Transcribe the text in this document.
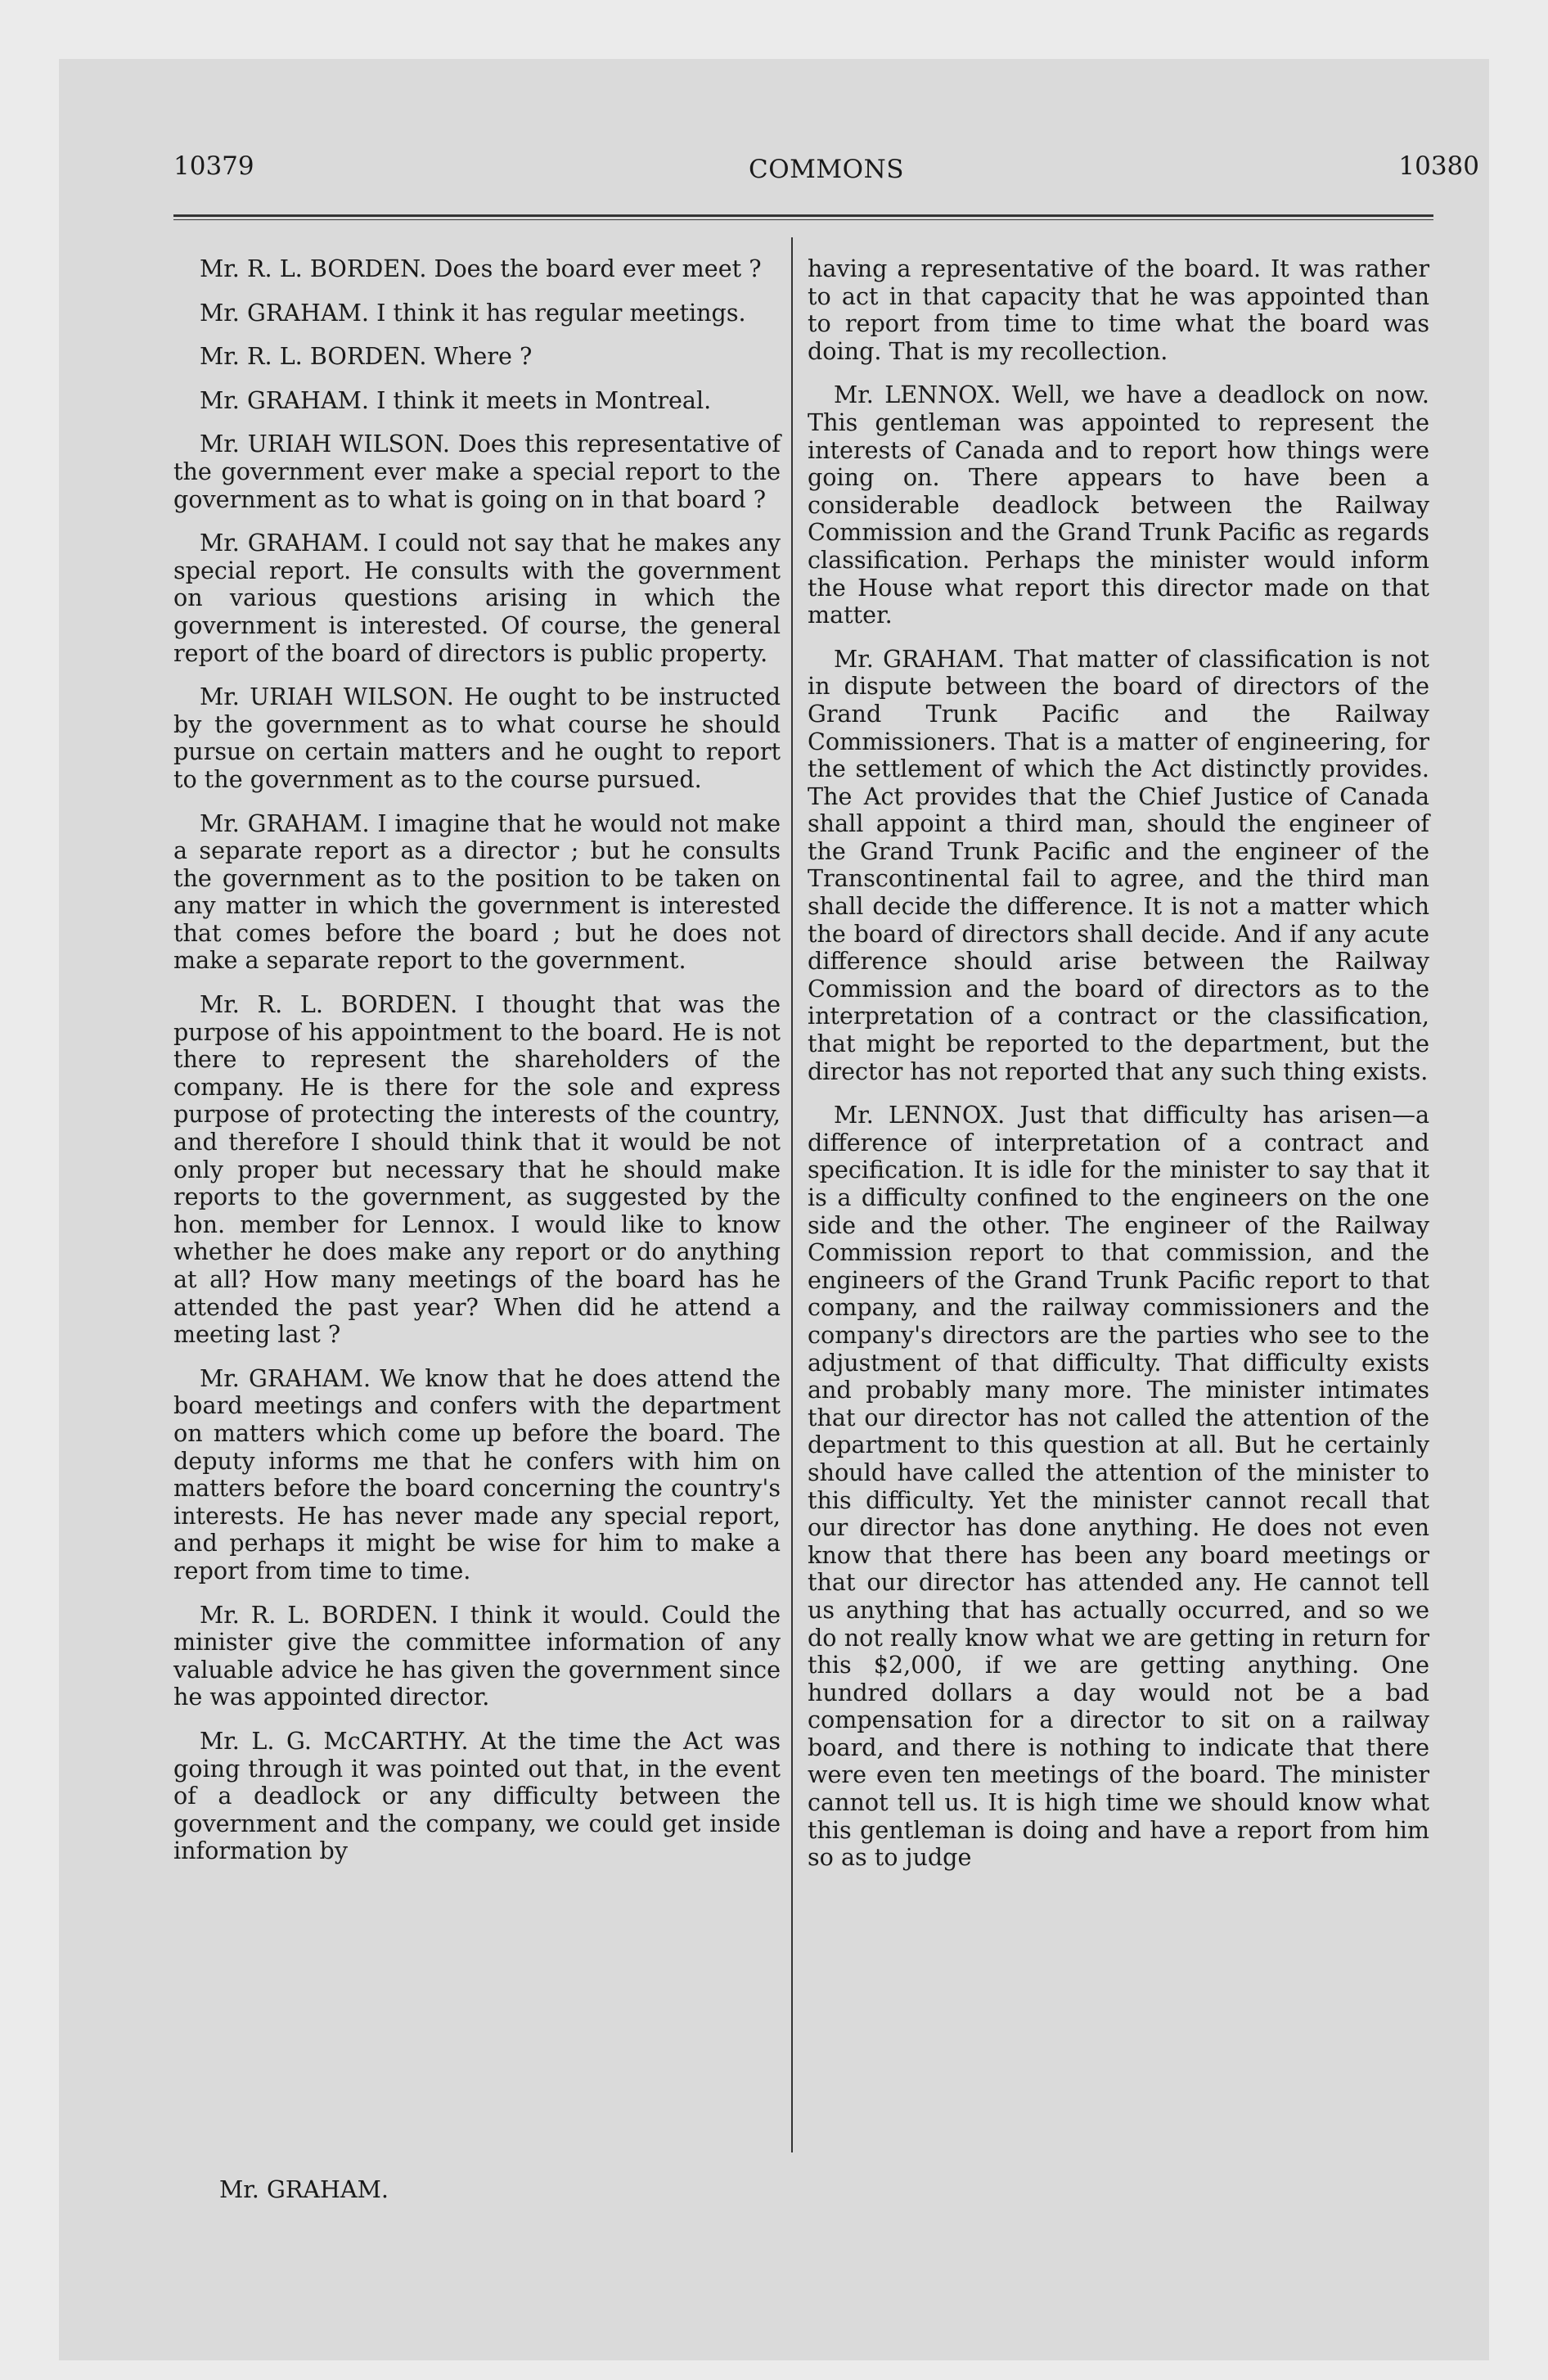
10379	COMMONS	10380

Mr. R. L. BORDEN. Does the board ever meet ?

Mr. GRAHAM. I think it has regular meetings.

Mr. R. L. BORDEN. Where ?

Mr. GRAHAM. I think it meets in Montreal.

Mr. URIAH WILSON. Does this representative of the government ever make a special report to the government as to what is going on in that board ?

Mr. GRAHAM. I could not say that he makes any special report. He consults with the government on various questions arising in which the government is interested. Of course, the general report of the board of directors is public property.

Mr. URIAH WILSON. He ought to be instructed by the government as to what course he should pursue on certain matters and he ought to report to the government as to the course pursued.

Mr. GRAHAM. I imagine that he would not make a separate report as a director ; but he consults the government as to the position to be taken on any matter in which the government is interested that comes before the board ; but he does not make a separate report to the government.

Mr. R. L. BORDEN. I thought that was the purpose of his appointment to the board. He is not there to represent the shareholders of the company. He is there for the sole and express purpose of protecting the interests of the country, and therefore I should think that it would be not only proper but necessary that he should make reports to the government, as suggested by the hon. member for Lennox. I would like to know whether he does make any report or do anything at all? How many meetings of the board has he attended the past year? When did he attend a meeting last ?

Mr. GRAHAM. We know that he does attend the board meetings and confers with the department on matters which come up before the board. The deputy informs me that he confers with him on matters before the board concerning the country's interests. He has never made any special report, and perhaps it might be wise for him to make a report from time to time.

Mr. R. L. BORDEN. I think it would. Could the minister give the committee information of any valuable advice he has given the government since he was appointed director.

Mr. L. G. McCARTHY. At the time the Act was going through it was pointed out that, in the event of a deadlock or any difficulty between the government and the company, we could get inside information by

having a representative of the board. It was rather to act in that capacity that he was appointed than to report from time to time what the board was doing. That is my recollection.

Mr. LENNOX. Well, we have a deadlock on now. This gentleman was appointed to represent the interests of Canada and to report how things were going on. There appears to have been a considerable deadlock between the Railway Commission and the Grand Trunk Pacific as regards classification. Perhaps the minister would inform the House what report this director made on that matter.

Mr. GRAHAM. That matter of classification is not in dispute between the board of directors of the Grand Trunk Pacific and the Railway Commissioners. That is a matter of engineering, for the settlement of which the Act distinctly provides. The Act provides that the Chief Justice of Canada shall appoint a third man, should the engineer of the Grand Trunk Pacific and the engineer of the Transcontinental fail to agree, and the third man shall decide the difference. It is not a matter which the board of directors shall decide. And if any acute difference should arise between the Railway Commission and the board of directors as to the interpretation of a contract or the classification, that might be reported to the department, but the director has not reported that any such thing exists.

Mr. LENNOX. Just that difficulty has arisen—a difference of interpretation of a contract and specification. It is idle for the minister to say that it is a difficulty confined to the engineers on the one side and the other. The engineer of the Railway Commission report to that commission, and the engineers of the Grand Trunk Pacific report to that company, and the railway commissioners and the company's directors are the parties who see to the adjustment of that difficulty. That difficulty exists and probably many more. The minister intimates that our director has not called the attention of the department to this question at all. But he certainly should have called the attention of the minister to this difficulty. Yet the minister cannot recall that our director has done anything. He does not even know that there has been any board meetings or that our director has attended any. He cannot tell us anything that has actually occurred, and so we do not really know what we are getting in return for this $2,000, if we are getting anything. One hundred dollars a day would not be a bad compensation for a director to sit on a railway board, and there is nothing to indicate that there were even ten meetings of the board. The minister cannot tell us. It is high time we should know what this gentleman is doing and have a report from him so as to judge

Mr. GRAHAM.
